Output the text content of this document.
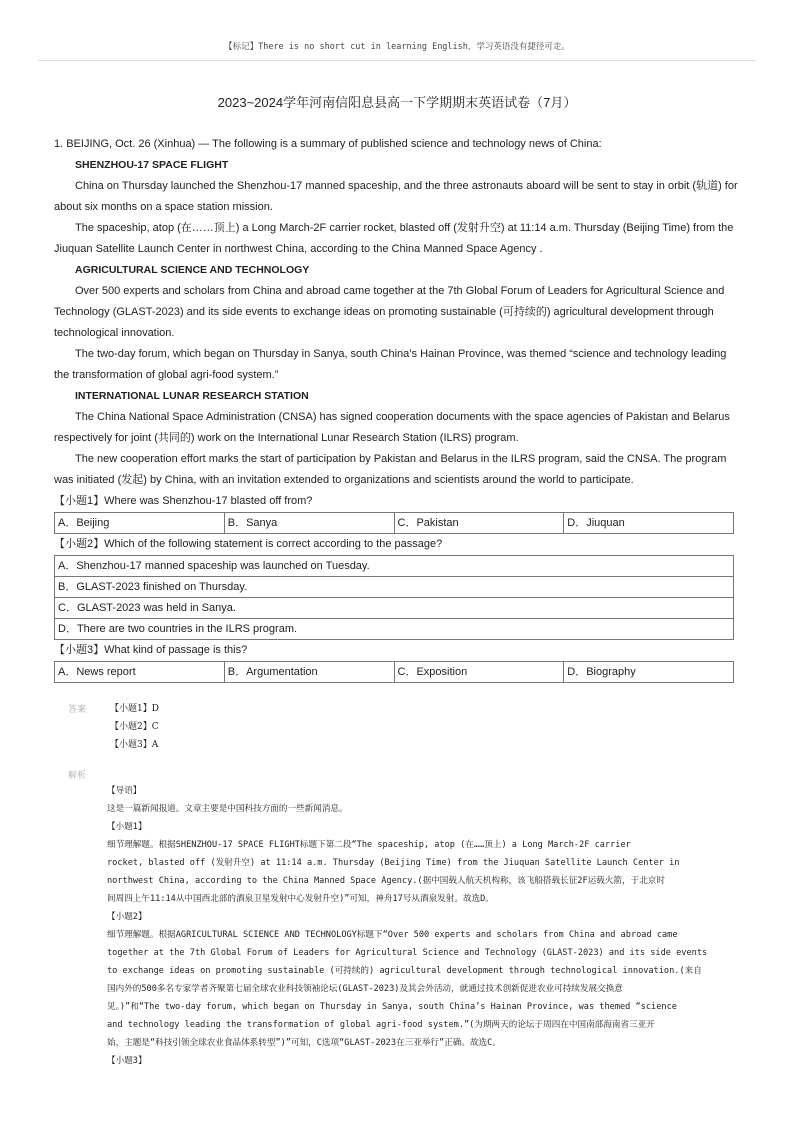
【标记】There is no short cut in learning English，学习英语没有捷径可走。
2023~2024学年河南信阳息县高一下学期期末英语试卷（7月）

1. BEIJING, Oct. 26 (Xinhua) — The following is a summary of published science and technology news of China:

SHENZHOU-17 SPACE FLIGHT

China on Thursday launched the Shenzhou-17 manned spaceship, and the three astronauts aboard will be sent to stay in orbit (轨道) for about six months on a space station mission.

The spaceship, atop (在……顶上) a Long March-2F carrier rocket, blasted off (发射升空) at 11:14 a.m. Thursday (Beijing Time) from the Jiuquan Satellite Launch Center in northwest China, according to the China Manned Space Agency .

AGRICULTURAL SCIENCE AND TECHNOLOGY

Over 500 experts and scholars from China and abroad came together at the 7th Global Forum of Leaders for Agricultural Science and Technology (GLAST-2023) and its side events to exchange ideas on promoting sustainable (可持续的) agricultural development through technological innovation.

The two-day forum, which began on Thursday in Sanya, south China’s Hainan Province, was themed “science and technology leading the transformation of global agri-food system.”

INTERNATIONAL LUNAR RESEARCH STATION

The China National Space Administration (CNSA) has signed cooperation documents with the space agencies of Pakistan and Belarus respectively for joint (共同的) work on the International Lunar Research Station (ILRS) program.

The new cooperation effort marks the start of participation by Pakistan and Belarus in the ILRS program, said the CNSA. The program was initiated (发起) by China, with an invitation extended to organizations and scientists around the world to participate.

【小题1】Where was Shenzhou-17 blasted off from?

A．Beijing	B．Sanya	C．Pakistan	D．Jiuquan

【小题2】Which of the following statement is correct according to the passage?

A．Shenzhou-17 manned spaceship was launched on Tuesday.
B．GLAST-2023 finished on Thursday.
C．GLAST-2023 was held in Sanya.
D．There are two countries in the ILRS program.

【小题3】What kind of passage is this?

A．News report	B．Argumentation	C．Exposition	D．Biography
答案	【小题1】D
【小题2】C
【小题3】A
解析

【导语】

这是一篇新闻报道。文章主要是中国科技方面的一些新闻消息。

【小题1】

细节理解题。根据SHENZHOU-17 SPACE FLIGHT标题下第二段“The spaceship, atop (在……顶上) a Long March-2F carrier

rocket, blasted off (发射升空) at 11:14 a.m. Thursday (Beijing Time) from the Jiuquan Satellite Launch Center in

northwest China, according to the China Manned Space Agency.(据中国载人航天机构称，该飞船搭载长征2F运载火箭，于北京时

间周四上午11:14从中国西北部的酒泉卫星发射中心发射升空)”可知，神舟17号从酒泉发射。故选D。

【小题2】

细节理解题。根据AGRICULTURAL SCIENCE AND TECHNOLOGY标题下“Over 500 experts and scholars from China and abroad came

together at the 7th Global Forum of Leaders for Agricultural Science and Technology (GLAST-2023) and its side events

to exchange ideas on promoting sustainable (可持续的) agricultural development through technological innovation.(来自

国内外的500多名专家学者齐聚第七届全球农业科技领袖论坛(GLAST-2023)及其会外活动，就通过技术创新促进农业可持续发展交换意

见。)”和“The two-day forum, which began on Thursday in Sanya, south China’s Hainan Province, was themed “science

and technology leading the transformation of global agri-food system.”(为期两天的论坛于周四在中国南部海南省三亚开

始，主题是“科技引领全球农业食品体系转型”)”可知，C选项“GLAST-2023在三亚举行”正确。故选C。

【小题3】
